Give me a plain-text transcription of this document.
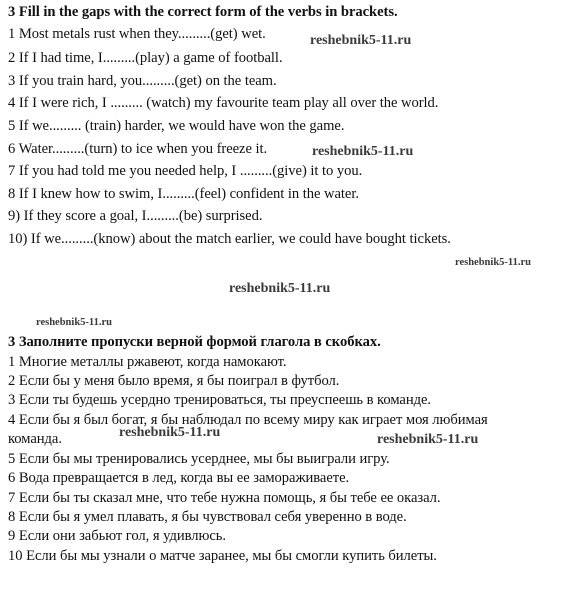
3 Fill in the gaps with the correct form of the verbs in brackets.
1 Most metals rust when they.........(get) wet.
2 If I had time, I.........(play) a game of football.
3 If you train hard, you.........(get) on the team.
4 If I were rich, I ......... (watch) my favourite team play all over the world.
5 If we......... (train) harder, we would have won the game.
6 Water.........(turn) to ice when you freeze it.
7 If you had told me you needed help, I .........(give) it to you.
8 If I knew how to swim, I.........(feel) confident in the water.
9) If they score a goal, I.........(be) surprised.
10) If we.........(know) about the match earlier, we could have bought tickets.
3 Заполните пропуски верной формой глагола в скобках.
1 Многие металлы ржавеют, когда намокают.
2 Если бы у меня было время, я бы поиграл в футбол.
3 Если ты будешь усердно тренироваться, ты преуспеешь в команде.
4 Если бы я был богат, я бы наблюдал по всему миру как играет моя любимая
команда.
5 Если бы мы тренировались усерднее, мы бы выиграли игру.
6 Вода превращается в лед, когда вы ее замораживаете.
7 Если бы ты сказал мне, что тебе нужна помощь, я бы тебе ее оказал.
8 Если бы я умел плавать, я бы чувствовал себя уверенно в воде.
9 Если они забьют гол, я удивлюсь.
10 Если бы мы узнали о матче заранее, мы бы смогли купить билеты.
reshebnik5-11.ru
reshebnik5-11.ru
reshebnik5-11.ru
reshebnik5-11.ru
reshebnik5-11.ru
reshebnik5-11.ru	reshebnik5-11.ru
